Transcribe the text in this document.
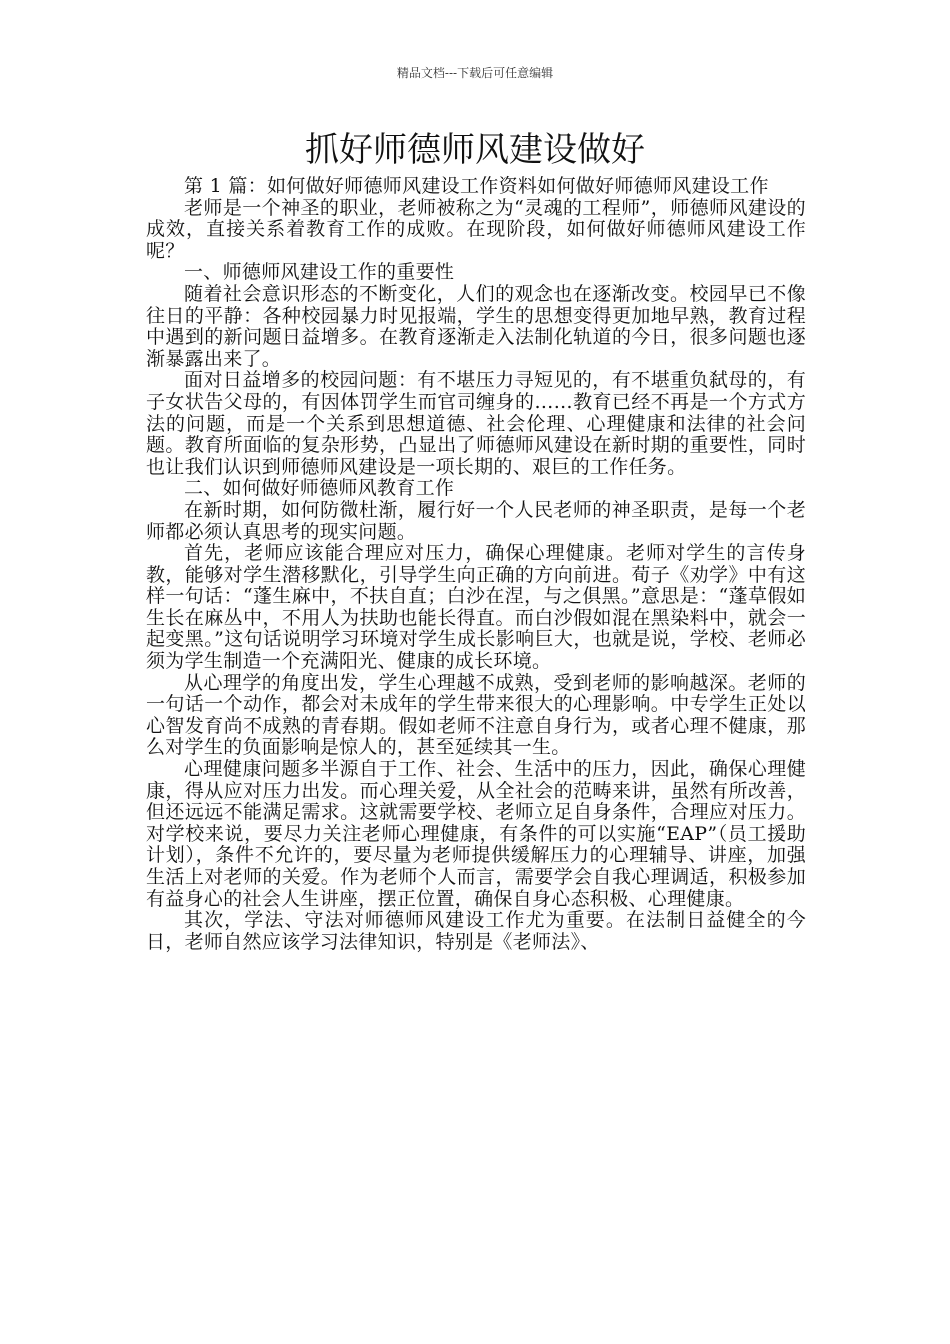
精品文档---下载后可任意编辑
抓好师德师风建设做好

第 1 篇：如何做好师德师风建设工作资料如何做好师德师风建设工作

老师是一个神圣的职业，老师被称之为“灵魂的工程师”，师德师风建设的成效，直接关系着教育工作的成败。在现阶段，如何做好师德师风建设工作呢？

一、师德师风建设工作的重要性

随着社会意识形态的不断变化，人们的观念也在逐渐改变。校园早已不像往日的平静：各种校园暴力时见报端，学生的思想变得更加地早熟，教育过程中遇到的新问题日益增多。在教育逐渐走入法制化轨道的今日，很多问题也逐渐暴露出来了。

面对日益增多的校园问题：有不堪压力寻短见的，有不堪重负弑母的，有子女状告父母的，有因体罚学生而官司缠身的……教育已经不再是一个方式方法的问题，而是一个关系到思想道德、社会伦理、心理健康和法律的社会问题。教育所面临的复杂形势，凸显出了师德师风建设在新时期的重要性，同时也让我们认识到师德师风建设是一项长期的、艰巨的工作任务。

二、如何做好师德师风教育工作

在新时期，如何防微杜渐，履行好一个人民老师的神圣职责，是每一个老师都必须认真思考的现实问题。

首先，老师应该能合理应对压力，确保心理健康。老师对学生的言传身教，能够对学生潜移默化，引导学生向正确的方向前进。荀子《劝学》中有这样一句话：“蓬生麻中，不扶自直；白沙在涅，与之俱黑。”意思是：“蓬草假如生长在麻丛中，不用人为扶助也能长得直。而白沙假如混在黑染料中，就会一起变黑。”这句话说明学习环境对学生成长影响巨大，也就是说，学校、老师必须为学生制造一个充满阳光、健康的成长环境。

从心理学的角度出发，学生心理越不成熟，受到老师的影响越深。老师的一句话一个动作，都会对未成年的学生带来很大的心理影响。中专学生正处以心智发育尚不成熟的青春期。假如老师不注意自身行为，或者心理不健康，那么对学生的负面影响是惊人的，甚至延续其一生。

心理健康问题多半源自于工作、社会、生活中的压力，因此，确保心理健康，得从应对压力出发。而心理关爱，从全社会的范畴来讲，虽然有所改善，但还远远不能满足需求。这就需要学校、老师立足自身条件，合理应对压力。对学校来说，要尽力关注老师心理健康，有条件的可以实施“EAP”（员工援助计划），条件不允许的，要尽量为老师提供缓解压力的心理辅导、讲座，加强生活上对老师的关爱。作为老师个人而言，需要学会自我心理调适，积极参加有益身心的社会人生讲座，摆正位置，确保自身心态积极、心理健康。

其次，学法、守法对师德师风建设工作尤为重要。在法制日益健全的今日，老师自然应该学习法律知识，特别是《老师法》、
